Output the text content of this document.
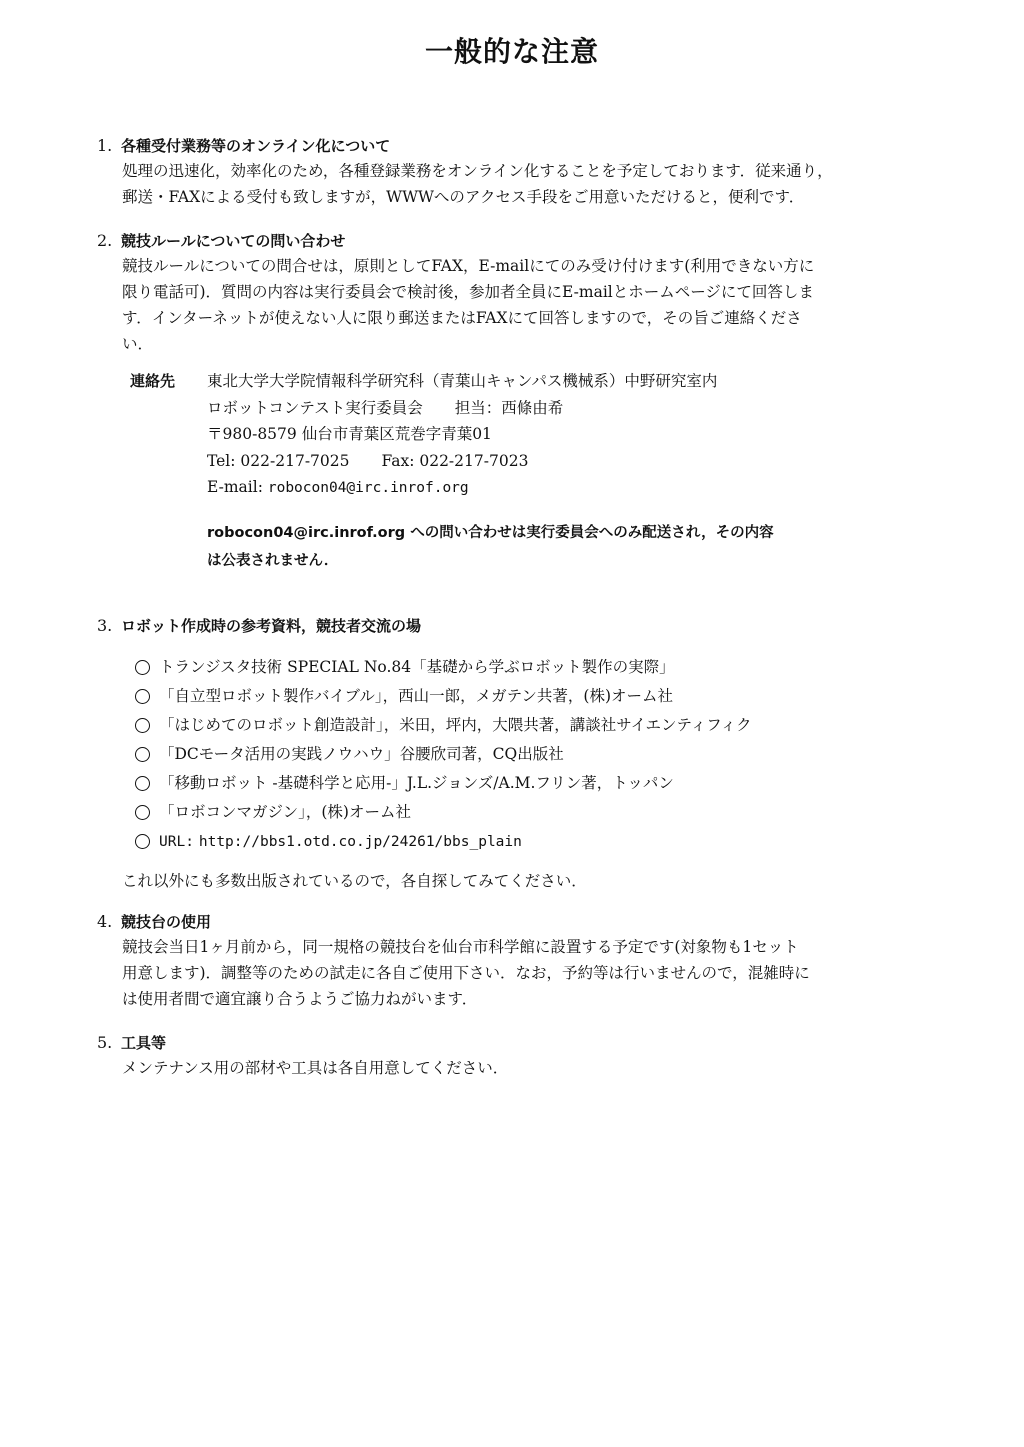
一般的な注意
1. 各種受付業務等のオンライン化について
処理の迅速化，効率化のため，各種登録業務をオンライン化することを予定しております．従来通り，
郵送・FAXによる受付も致しますが，WWWへのアクセス手段をご用意いただけると，便利です．
2. 競技ルールについての問い合わせ
競技ルールについての問合せは，原則としてFAX，E-mailにてのみ受け付けます(利用できない方に
限り電話可)．質問の内容は実行委員会で検討後，参加者全員にE-mailとホームページにて回答しま
す．インターネットが使えない人に限り郵送またはFAXにて回答しますので，その旨ご連絡くださ
い．
連絡先 東北大学大学院情報科学研究科（青葉山キャンパス機械系）中野研究室内
ロボットコンテスト実行委員会 担当：西條由希
〒980-8579 仙台市青葉区荒巻字青葉01
Tel: 022-217-7025 Fax: 022-217-7023
E-mail: robocon04@irc.inrof.org
robocon04@irc.inrof.org への問い合わせは実行委員会へのみ配送され，その内容
は公表されません．
3. ロボット作成時の参考資料，競技者交流の場
トランジスタ技術 SPECIAL No.84「基礎から学ぶロボット製作の実際」
「自立型ロボット製作バイブル」，西山一郎，メガテン共著，(株)オーム社
「はじめてのロボット創造設計」，米田，坪内，大隈共著，講談社サイエンティフィク
「DCモータ活用の実践ノウハウ」谷腰欣司著，CQ出版社
「移動ロボット -基礎科学と応用-」J.L.ジョンズ/A.M.フリン著，トッパン
「ロボコンマガジン」，(株)オーム社
URL: http://bbs1.otd.co.jp/24261/bbs_plain
これ以外にも多数出版されているので，各自探してみてください．
4. 競技台の使用
競技会当日1ヶ月前から，同一規格の競技台を仙台市科学館に設置する予定です(対象物も1セット
用意します)．調整等のための試走に各自ご使用下さい．なお，予約等は行いませんので，混雑時に
は使用者間で適宜譲り合うようご協力ねがいます．
5. 工具等
メンテナンス用の部材や工具は各自用意してください．
